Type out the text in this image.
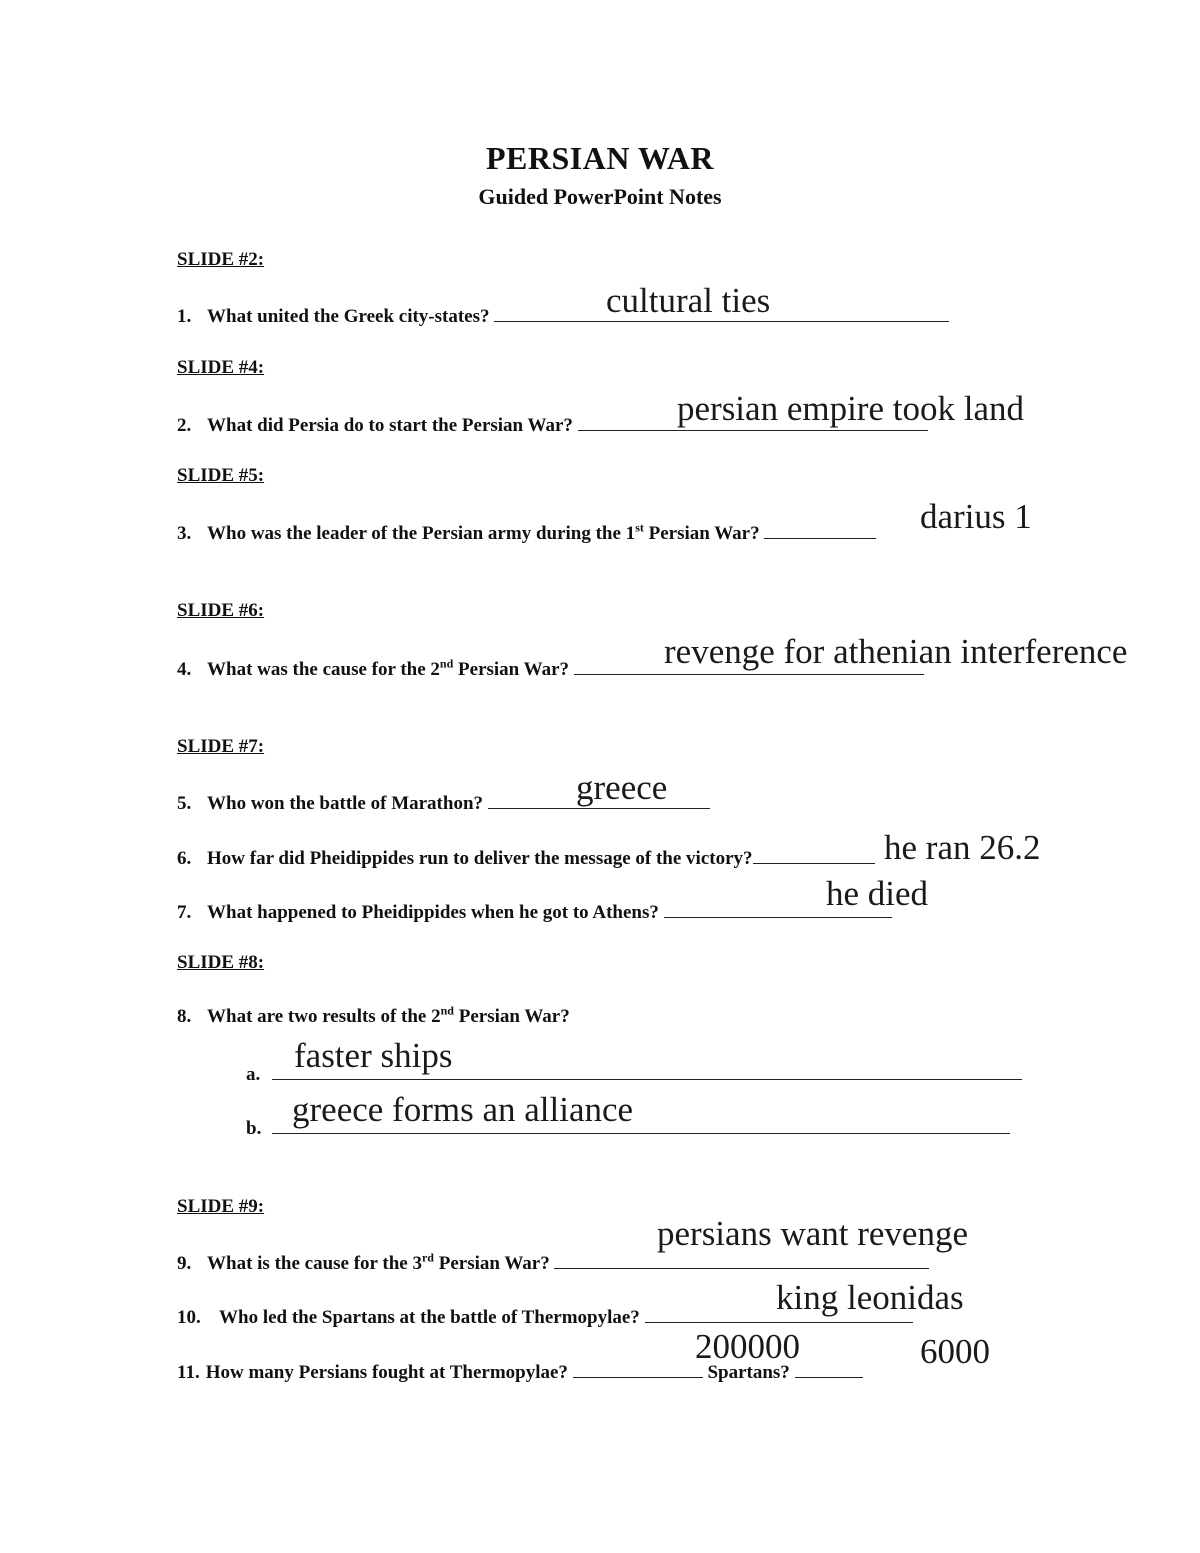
PERSIAN WAR
Guided PowerPoint Notes
SLIDE #2:
1. What united the Greek city-states?	cultural ties
SLIDE #4:
2. What did Persia do to start the Persian War?	persian empire took land
SLIDE #5:
3. Who was the leader of the Persian army during the 1st Persian War?	darius 1
SLIDE #6:
4. What was the cause for the 2nd Persian War?	revenge for athenian interference
SLIDE #7:
5. Who won the battle of Marathon?	greece
6. How far did Pheidippides run to deliver the message of the victory?	he ran 26.2
7. What happened to Pheidippides when he got to Athens?	he died
SLIDE #8:
8. What are two results of the 2nd Persian War?
a. faster ships
b. greece forms an alliance
SLIDE #9:
9. What is the cause for the 3rd Persian War?
persians want revenge
10. Who led the Spartans at the battle of Thermopylae?
king leonidas
11. How many Persians fought at Thermopylae?	Spartans?
200000	6000
